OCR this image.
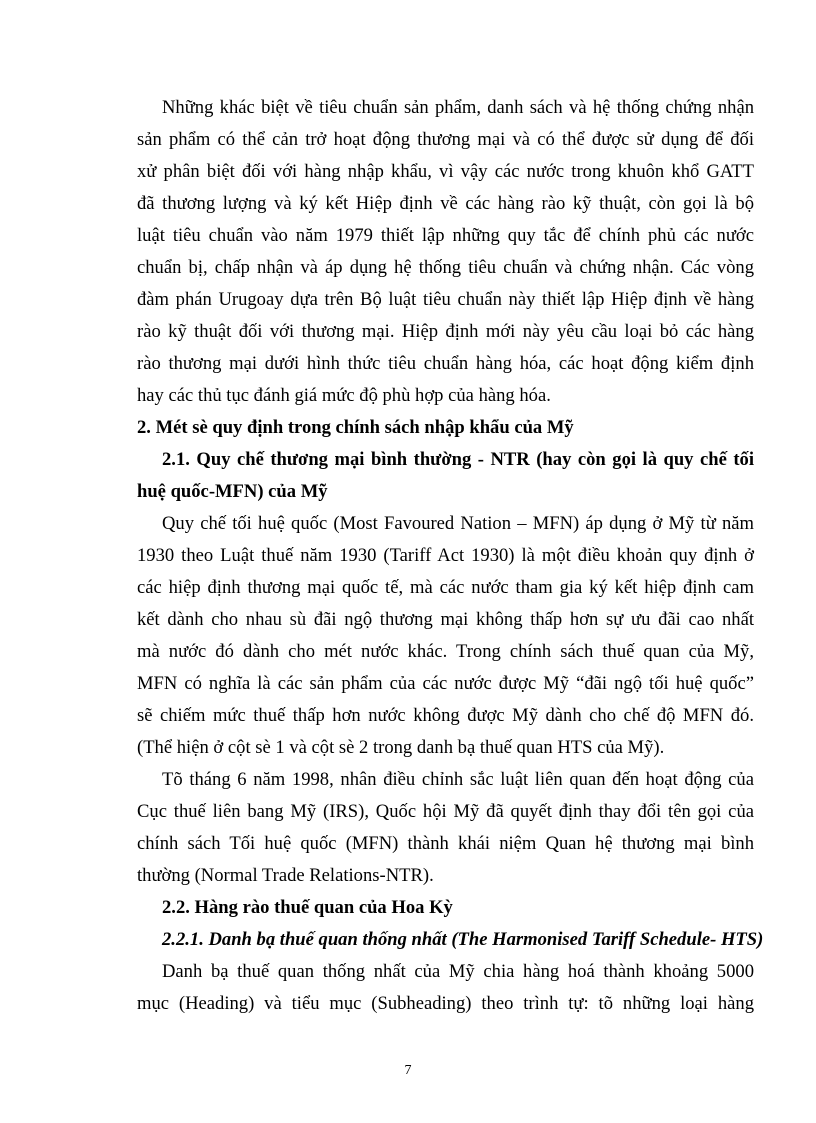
Những khác biệt về tiêu chuẩn sản phẩm, danh sách và hệ thống chứng nhận
sản phẩm có thể cản trở hoạt động thương mại và có thể được sử dụng để đối
xử phân biệt đối với hàng nhập khẩu, vì vậy các nước trong khuôn khổ GATT
đã thương lượng và ký kết Hiệp định về các hàng rào kỹ thuật, còn gọi là bộ
luật tiêu chuẩn vào năm 1979 thiết lập những quy tắc để chính phủ các nước
chuẩn bị, chấp nhận và áp dụng hệ thống tiêu chuẩn và chứng nhận. Các vòng
đàm phán Urugoay dựa trên Bộ luật tiêu chuẩn này thiết lập Hiệp định về hàng
rào kỹ thuật đối với thương mại. Hiệp định mới này yêu cầu loại bỏ các hàng
rào thương mại dưới hình thức tiêu chuẩn hàng hóa, các hoạt động kiểm định
hay các thủ tục đánh giá mức độ phù hợp của hàng hóa.
2. Mét sè quy định trong chính sách nhập khẩu của Mỹ
2.1. Quy chế thương mại bình thường - NTR (hay còn gọi là quy chế tối
huệ quốc-MFN) của Mỹ
Quy chế tối huệ quốc (Most Favoured Nation – MFN) áp dụng ở Mỹ từ năm
1930 theo Luật thuế năm 1930 (Tariff Act 1930) là một điều khoản quy định ở
các hiệp định thương mại quốc tế, mà các nước tham gia ký kết hiệp định cam
kết dành cho nhau sù đãi ngộ thương mại không thấp hơn sự ưu đãi cao nhất
mà nước đó dành cho mét nước khác. Trong chính sách thuế quan của Mỹ,
MFN có nghĩa là các sản phẩm của các nước được Mỹ “đãi ngộ tối huệ quốc”
sẽ chiếm mức thuế thấp hơn nước không được Mỹ dành cho chế độ MFN đó.
(Thể hiện ở cột sè 1 và cột sè 2 trong danh bạ thuế quan HTS của Mỹ).
Tõ tháng 6 năm 1998, nhân điều chỉnh sắc luật liên quan đến hoạt động của
Cục thuế liên bang Mỹ (IRS), Quốc hội Mỹ đã quyết định thay đổi tên gọi của
chính sách Tối huệ quốc (MFN) thành khái niệm Quan hệ thương mại bình
thường (Normal Trade Relations-NTR).
2.2. Hàng rào thuế quan của Hoa Kỳ
2.2.1. Danh bạ thuế quan thống nhất (The Harmonised Tariff Schedule- HTS)
Danh bạ thuế quan thống nhất của Mỹ chia hàng hoá thành khoảng 5000
mục (Heading) và tiểu mục (Subheading) theo trình tự: tõ những loại hàng
7
